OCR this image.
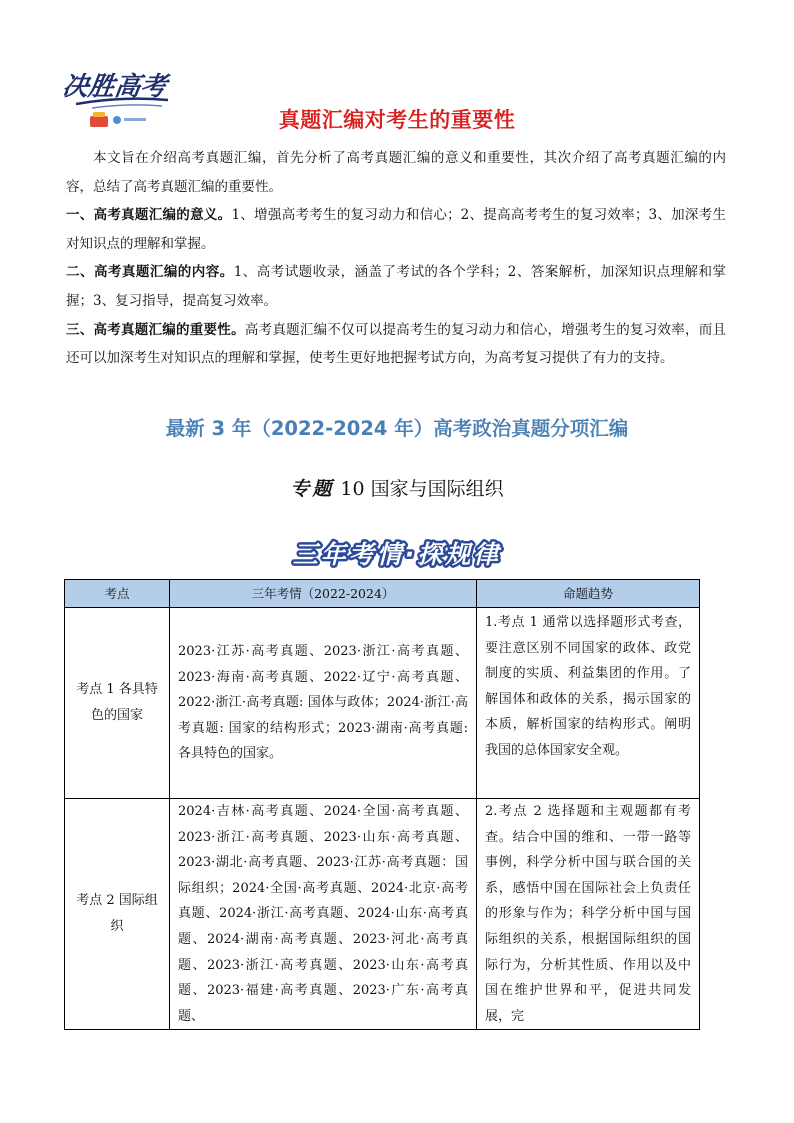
决胜高考
真题汇编对考生的重要性

本文旨在介绍高考真题汇编，首先分析了高考真题汇编的意义和重要性，其次介绍了高考真题汇编的内容，总结了高考真题汇编的重要性。

一、高考真题汇编的意义。1、增强高考考生的复习动力和信心；2、提高高考考生的复习效率；3、加深考生对知识点的理解和掌握。

二、高考真题汇编的内容。1、高考试题收录，涵盖了考试的各个学科；2、答案解析，加深知识点理解和掌握；3、复习指导，提高复习效率。

三、高考真题汇编的重要性。高考真题汇编不仅可以提高考生的复习动力和信心，增强考生的复习效率，而且还可以加深考生对知识点的理解和掌握，使考生更好地把握考试方向，为高考复习提供了有力的支持。

最新 3 年（2022-2024 年）高考政治真题分项汇编
专题 10 国家与国际组织
三年考情·探规律
考点	三年考情（2022-2024）	命题趋势
考点 1 各具特色的国家	2023·江苏·高考真题、2023·浙江·高考真题、2023·海南·高考真题、2022·辽宁·高考真题、2022·浙江·高考真题: 国体与政体；2024·浙江·高考真题: 国家的结构形式；2023·湖南·高考真题: 各具特色的国家。	1.考点 1 通常以选择题形式考查，要注意区别不同国家的政体、政党制度的实质、利益集团的作用。了解国体和政体的关系，揭示国家的本质，解析国家的结构形式。阐明我国的总体国家安全观。
考点 2 国际组织	2024·吉林·高考真题、2024·全国·高考真题、2023·浙江·高考真题、2023·山东·高考真题、2023·湖北·高考真题、2023·江苏·高考真题：国际组织；2024·全国·高考真题、2024·北京·高考真题、2024·浙江·高考真题、2024·山东·高考真题、2024·湖南·高考真题、2023·河北·高考真题、2023·浙江·高考真题、2023·山东·高考真题、2023·福建·高考真题、2023·广东·高考真题、	2.考点 2 选择题和主观题都有考查。结合中国的维和、一带一路等事例，科学分析中国与联合国的关系，感悟中国在国际社会上负责任的形象与作为；科学分析中国与国际组织的关系，根据国际组织的国际行为，分析其性质、作用以及中国在维护世界和平，促进共同发展，完
